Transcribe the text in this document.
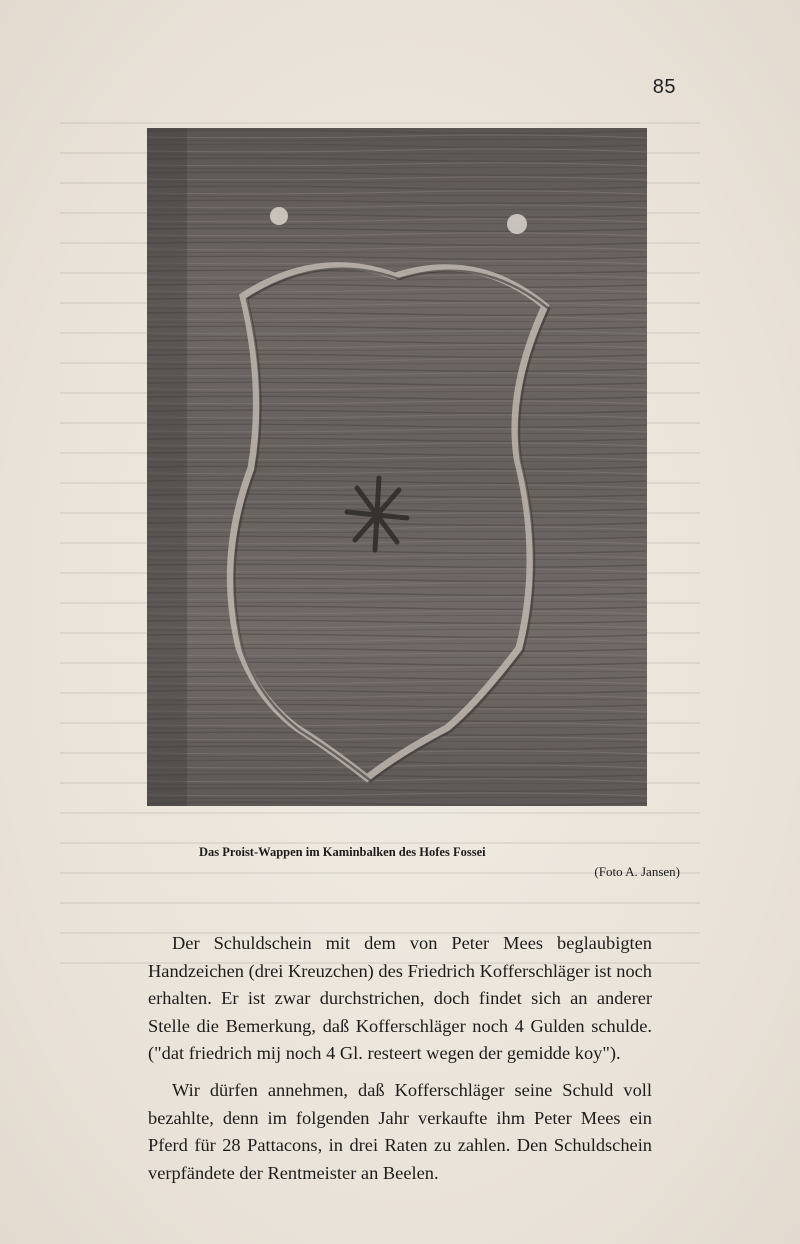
85
Das Proist-Wappen im Kaminbalken des Hofes Fossei
(Foto A. Jansen)

Der Schuldschein mit dem von Peter Mees beglaubigten Handzeichen (drei Kreuzchen) des Friedrich Kofferschläger ist noch erhalten. Er ist zwar durchstrichen, doch findet sich an anderer Stelle die Bemerkung, daß Kofferschläger noch 4 Gulden schulde. ("dat friedrich mij noch 4 Gl. resteert wegen der gemidde koy").

Wir dürfen annehmen, daß Kofferschläger seine Schuld voll bezahlte, denn im folgenden Jahr verkaufte ihm Peter Mees ein Pferd für 28 Pattacons, in drei Raten zu zahlen. Den Schuldschein verpfändete der Rentmeister an Beelen.
